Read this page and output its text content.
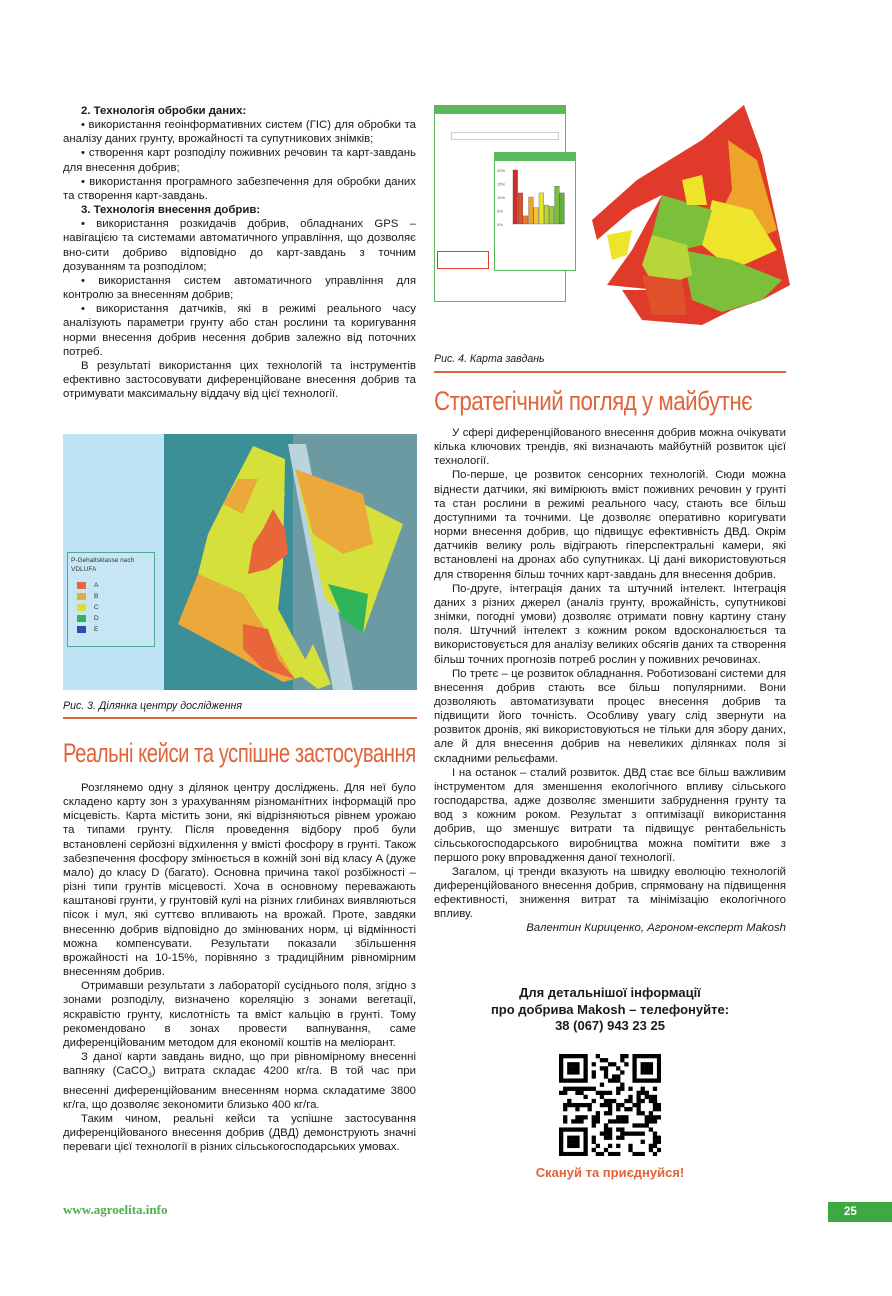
2. Технологія обробки даних:

• використання геоінформативних систем (ГІС) для обробки та аналізу даних грунту, врожайності та супутникових знімків;

• створення карт розподілу поживних речовин та карт-завдань для внесення добрив;

• використання програмного забезпечення для обробки даних та створення карт-завдань.

3. Технологія внесення добрив:

• використання розкидачів добрив, обладнаних GPS – навігацією та системами автоматичного управління, що дозволяє вно-сити добриво відповідно до карт-завдань з точним дозуванням та розподілом;

• використання систем автоматичного управління для контролю за внесенням добрив;

• використання датчиків, які в режимі реального часу аналізують параметри грунту або стан рослини та коригування норми внесення добрив несення добрив залежно від поточних потреб.

В результаті використання цих технологій та інструментів ефективно застосовувати диференційоване внесення добрив та отримувати максимальну віддачу від цієї технології.

P-Gehaltsklasse nach VDLUFA
A
B
C
D
E
Рис. 3. Ділянка центру дослідження
Реальні кейси та успішне застосування

Розглянемо одну з ділянок центру досліджень. Для неї було складено карту зон з урахуванням різноманітних інформацій про місцевість. Карта містить зони, які відрізняються рівнем урожаю та типами грунту. Після проведення відбору проб були встановлені серйозні відхилення у вмісті фосфору в грунті. Також забезпечення фосфору змінюється в кожній зоні від класу A (дуже мало) до класу D (багато). Основна причина такої розбіжності – різні типи грунтів місцевості. Хоча в основному переважають каштанові грунти, у грунтовій кулі на різних глибинах виявляються пісок і мул, які суттєво впливають на врожай. Проте, завдяки внесенню добрив відповідно до змінюваних норм, ці відмінності можна компенсувати. Результати показали збільшення врожайності на 10-15%, порівняно з традиційним рівномірним внесенням добрив.

Отримавши результати з лабораторії сусіднього поля, згідно з зонами розподілу, визначено кореляцію з зонами вегетації, яскравістю грунту, кислотність та вміст кальцію в грунті. Тому рекомендовано в зонах провести вапнування, саме диференційованим методом для економії коштів на меліорант.

З даної карти завдань видно, що при рівномірному внесенні вапняку (CaCO$_3$) витрата складає 4200 кг/га. В той час при внесенні диференційованим внесенням норма складатиме 3800 кг/га, що дозволяє зекономити близько 400 кг/га.

Таким чином, реальні кейси та успішне застосування диференційованого внесення добрив (ДВД) демонструють значні переваги цієї технології в різних сільськогосподарських умовах.

20%
15%
10%
5%
0%
Рис. 4. Карта завдань
Стратегічний погляд у майбутнє

У сфері диференційованого внесення добрив можна очікувати кілька ключових трендів, які визначають майбутній розвиток цієї технології.

По-перше, це розвиток сенсорних технологій. Сюди можна віднести датчики, які вимірюють вміст поживних речовин у грунті та стан рослини в режимі реального часу, стають все більш доступними та точними. Це дозволяє оперативно коригувати норми внесення добрив, що підвищує ефективність ДВД. Окрім датчиків велику роль відіграють гіперспектральні камери, які встановлені на дронах або супутниках. Ці дані використовуються для створення більш точних карт-завдань для внесення добрив.

По-друге, інтеграція даних та штучний інтелект. Інтеграція даних з різних джерел (аналіз грунту, врожайність, супутникові знімки, погодні умови) дозволяє отримати повну картину стану поля. Штучний інтелект з кожним роком вдосконалюється та використовується для аналізу великих обсягів даних та створення більш точних прогнозів потреб рослин у поживних речовинах.

По третє – це розвиток обладнання. Роботизовані системи для внесення добрив стають все більш популярними. Вони дозволяють автоматизувати процес внесення добрив та підвищити його точність. Особливу увагу слід звернути на розвиток дронів, які використовуються не тільки для збору даних, але й для внесення добрив на невеликих ділянках поля зі складними рельєфами.

І на останок – сталий розвиток. ДВД стає все більш важливим інструментом для зменшення екологічного впливу сільського господарства, адже дозволяє зменшити забруднення грунту та вод з кожним роком. Результат з оптимізації використання добрив, що зменшує витрати та підвищує рентабельність сільськогосподарського виробництва можна помітити вже з першого року впровадження даної технології.

Загалом, ці тренди вказують на швидку еволюцію технологій диференційованого внесення добрив, спрямовану на підвищення ефективності, зниження витрат та мінімізацію екологічного впливу.

Валентин Кириценко, Агроном-експерт Makosh

Для детальнішої інформації
про добрива Makosh – телефонуйте:
38 (067) 943 23 25
Скануй та приєднуйся!
www.agroelita.info	25
